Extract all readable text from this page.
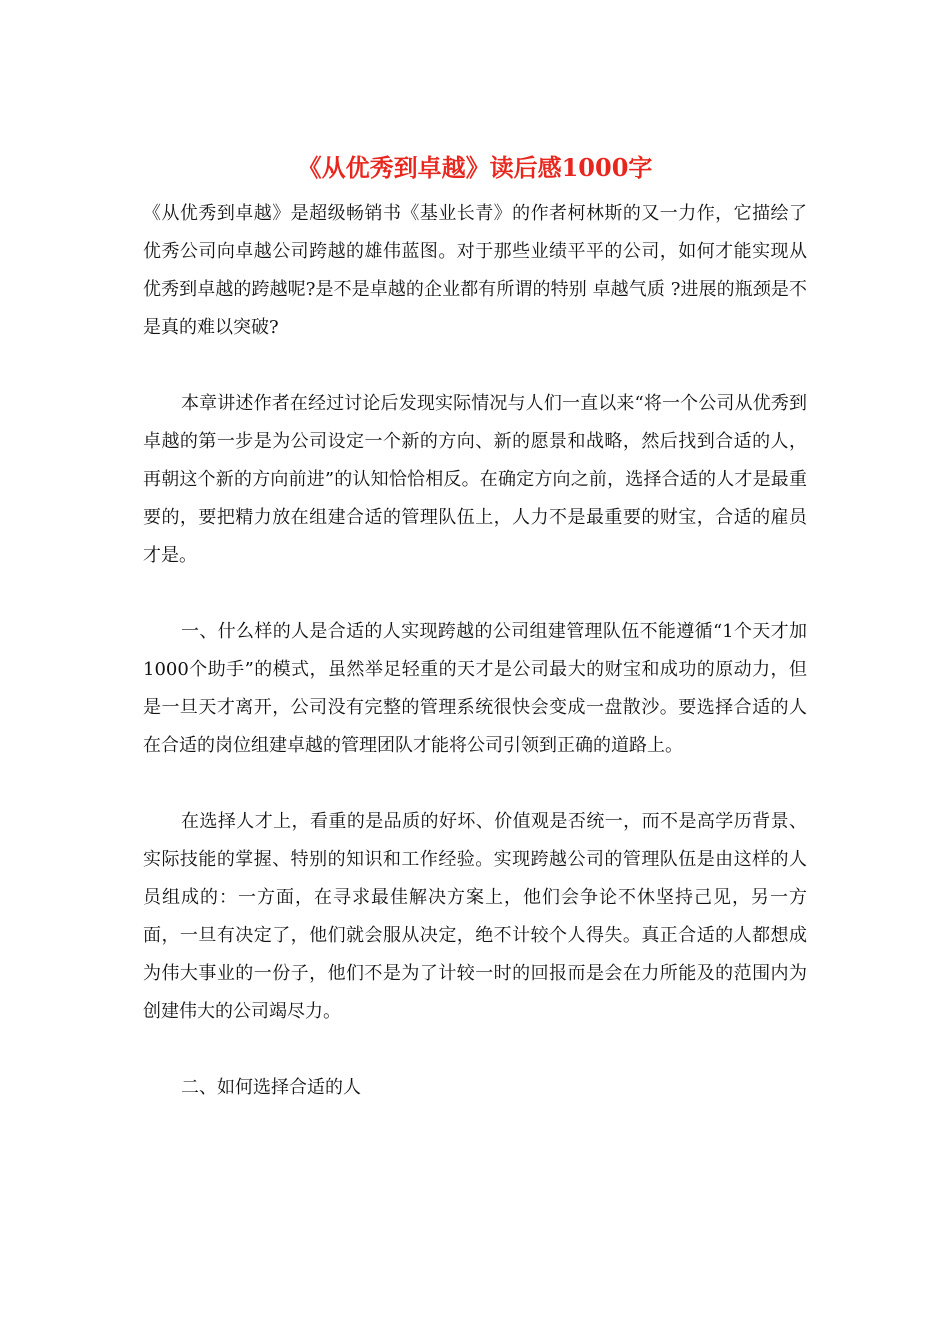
《从优秀到卓越》读后感1000字

《从优秀到卓越》是超级畅销书《基业长青》的作者柯林斯的又一力作，它描绘了优秀公司向卓越公司跨越的雄伟蓝图。对于那些业绩平平的公司，如何才能实现从优秀到卓越的跨越呢?是不是卓越的企业都有所谓的特别 卓越气质 ?进展的瓶颈是不是真的难以突破?

本章讲述作者在经过讨论后发现实际情况与人们一直以来“将一个公司从优秀到卓越的第一步是为公司设定一个新的方向、新的愿景和战略，然后找到合适的人，再朝这个新的方向前进”的认知恰恰相反。在确定方向之前，选择合适的人才是最重要的，要把精力放在组建合适的管理队伍上，人力不是最重要的财宝，合适的雇员才是。

一、什么样的人是合适的人实现跨越的公司组建管理队伍不能遵循“1个天才加1000个助手”的模式，虽然举足轻重的天才是公司最大的财宝和成功的原动力，但是一旦天才离开，公司没有完整的管理系统很快会变成一盘散沙。要选择合适的人在合适的岗位组建卓越的管理团队才能将公司引领到正确的道路上。

在选择人才上，看重的是品质的好坏、价值观是否统一，而不是高学历背景、实际技能的掌握、特别的知识和工作经验。实现跨越公司的管理队伍是由这样的人员组成的：一方面，在寻求最佳解决方案上，他们会争论不休坚持己见，另一方面，一旦有决定了，他们就会服从决定，绝不计较个人得失。真正合适的人都想成为伟大事业的一份子，他们不是为了计较一时的回报而是会在力所能及的范围内为创建伟大的公司竭尽力。

二、如何选择合适的人
